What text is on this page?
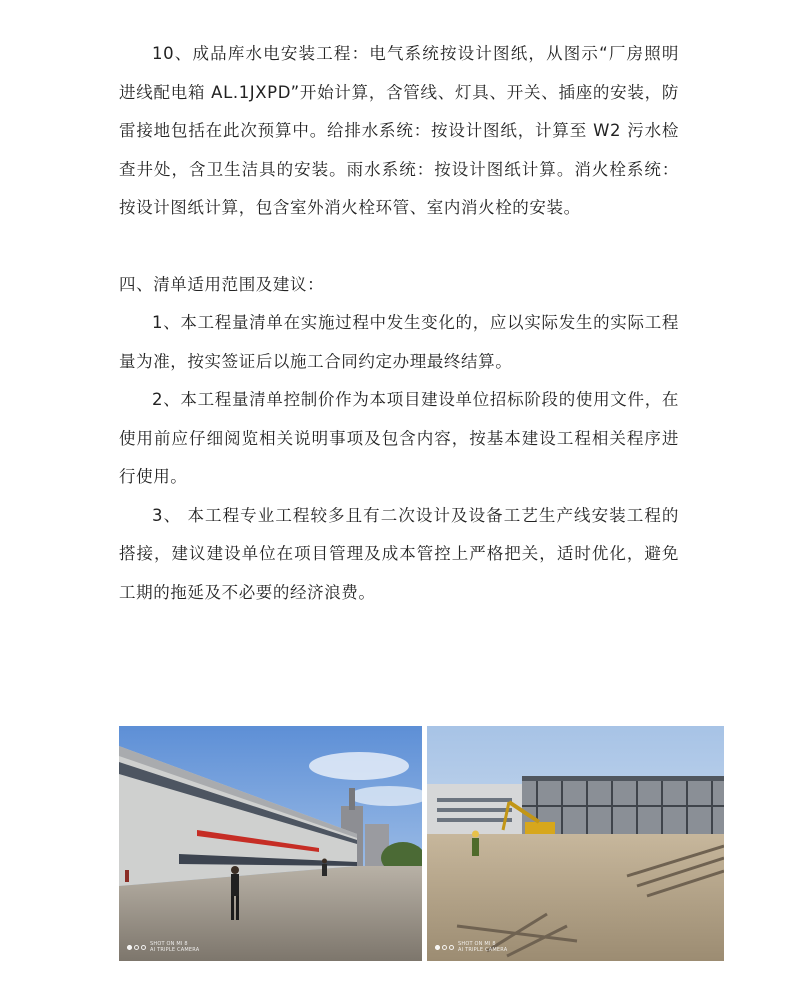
10、成品库水电安装工程：电气系统按设计图纸，从图示“厂房照明进线配电箱 AL.1JXPD”开始计算，含管线、灯具、开关、插座的安装，防雷接地包括在此次预算中。给排水系统：按设计图纸，计算至 W2 污水检查井处，含卫生洁具的安装。雨水系统：按设计图纸计算。消火栓系统：按设计图纸计算，包含室外消火栓环管、室内消火栓的安装。

四、清单适用范围及建议：

1、本工程量清单在实施过程中发生变化的，应以实际发生的实际工程量为准，按实签证后以施工合同约定办理最终结算。

2、本工程量清单控制价作为本项目建设单位招标阶段的使用文件，在使用前应仔细阅览相关说明事项及包含内容，按基本建设工程相关程序进行使用。

3、 本工程专业工程较多且有二次设计及设备工艺生产线安装工程的搭接，建议建设单位在项目管理及成本管控上严格把关，适时优化，避免工期的拖延及不必要的经济浪费。

SHOT ON MI 8
AI TRIPLE CAMERA
SHOT ON MI 8
AI TRIPLE CAMERA
